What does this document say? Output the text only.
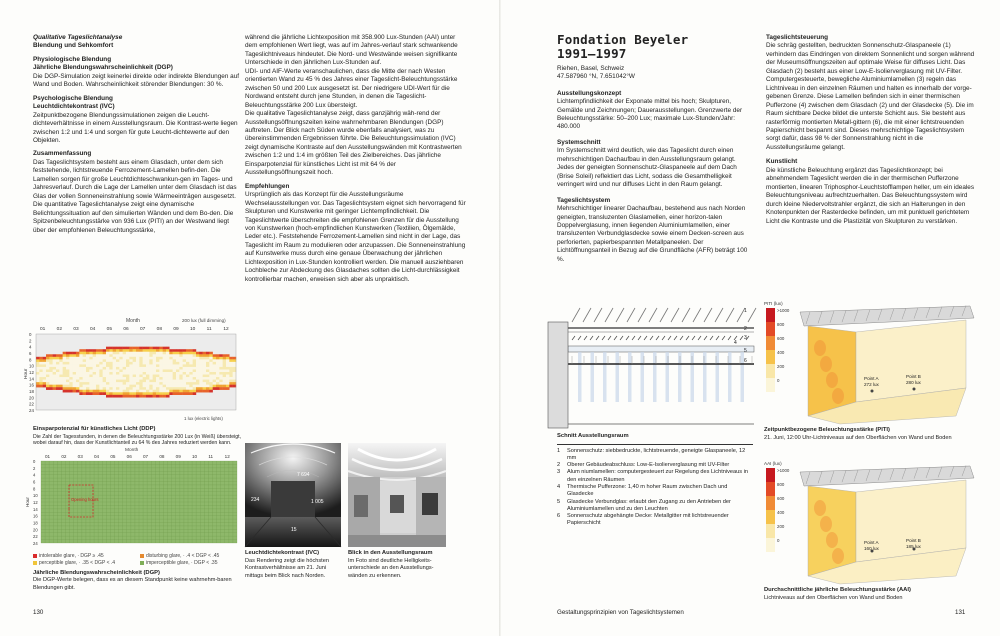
Qualitative Tageslichtanalyse
Blendung und Sehkomfort
Physiologische Blendung
Jährliche Blendungswahrscheinlichkeit (DGP)

Die DGP-Simulation zeigt keinerlei direkte oder indirekte Blendungen auf Wand und Boden. Wahrscheinlichkeit störender Blendungen: 30 %.

Psychologische Blendung
Leuchtdichtekontrast (IVC)

Zeitpunktbezogene Blendungssimulationen zeigen die Leucht-dichteverhältnisse in einem Ausstellungsraum. Die Kontrast-werte liegen zwischen 1:2 und 1:4 und sorgen für gute Leucht-dichtewerte auf den Objekten.

Zusammenfassung

Das Tageslichtsystem besteht aus einem Glasdach, unter dem sich feststehende, lichtstreuende Ferrozement-Lamellen befin-den. Die Lamellen sorgen für große Leuchtdichteschwankun-gen im Tages- und Jahresverlauf. Durch die Lage der Lamellen unter dem Glasdach ist das Glas der vollen Sonneneinstrahlung sowie Wärmeeinträgen ausgesetzt.

Die quantitative Tageslichtanalyse zeigt eine dynamische Belichtungssituation auf den simulierten Wänden und dem Bo-den. Die Spitzenbeleuchtungsstärke von 936 Lux (PITI) an der Westwand liegt über der empfohlenen Beleuchtungsstärke,

Month	200 lux (full dimming)
01 02 03 04 05 06 07 08 09 10 11 12
Hour
0
2
4
6
8
10
12
14
16
18
20
22
24
1 lux (electric lights)
Einsparpotenzial für künstliches Licht (DDP)
Die Zahl der Tagesstunden, in denen die Beleuchtungsstärke 200 Lux (in Weiß) übersteigt, wobei darauf hin, dass der Kunstlichtanteil zu 64 % des Jahres reduziert werden kann.
Month
01 02 03 04 05 06 07 08 09 10 11	12
Hour
0
2
4
6
8
10
12
14
16
18
20
22
24
Opening hours
intolerable glare, · DGP ≥ .45	disturbing glare, · .4 < DGP < .45
perceptible glare, · .35 < DGP < .4	imperceptible glare, · DGP < .35
Jährliche Blendungswahrscheinlichkeit (DGP)
Die DGP-Werte belegen, dass es an diesem Standpunkt keine wahrnehm-baren Blendungen gibt.

während die jährliche Lichtexposition mit 358.900 Lux-Stunden (AAI) unter dem empfohlenen Wert liegt, was auf im Jahres-verlauf stark schwankende Tageslichtniveaus hindeutet. Die Nord- und Westwände weisen signifikante Unterschiede in den jährlichen Lux-Stunden auf.

UDI- und AIF-Werte veranschaulichen, dass die Mitte der nach Westen orientierten Wand zu 45 % des Jahres einer Tageslicht-Beleuchtungsstärke zwischen 50 und 200 Lux ausgesetzt ist. Der niedrigere UDI-Wert für die Nordwand entsteht durch jene Stunden, in denen die Tageslicht-Beleuchtungsstärke 200 Lux übersteigt.

Die qualitative Tageslichtanalyse zeigt, dass ganzjährig wäh-rend der Ausstellungsöffnungszeiten keine wahrnehmbaren Blendungen (DGP) auftreten. Der Blick nach Süden wurde ebenfalls analysiert, was zu übereinstimmenden Ergebnissen führte. Die Beleuchtungssimulation (IVC) zeigt dynamische Kontraste auf den Ausstellungswänden mit Kontrastwerten zwischen 1:2 und 1:4 im größten Teil des Zielbereiches. Das jährliche Einsparpotenzial für künstliches Licht ist mit 64 % der Ausstellungsöffnungszeit hoch.

Empfehlungen

Ursprünglich als das Konzept für die Ausstellungsräume Wechselausstellungen vor. Das Tageslichtsystem eignet sich hervorragend für Skulpturen und Kunstwerke mit geringer Lichtempfindlichkeit. Die Tageslichtwerte überschreiten die empfohlenen Grenzen für die Ausstellung von Kunstwerken (hoch-empfindlichen Kunstwerken (Textilien, Ölgemälde, Leder etc.). Feststehende Ferrozement-Lamellen sind nicht in der Lage, das Tageslicht im Raum zu modulieren oder anzupassen. Die Sonneneinstrahlung auf Kunstwerke muss durch eine genaue Überwachung der jährlichen Lichtexposition in Lux-Stunden kontrolliert werden. Die manuell ausziehbaren Lochbleche zur Abdeckung des Glasdaches sollten die Licht-durchlässigkeit kontrollierbar machen, erweisen sich aber als unpraktisch.

7 694
234	1 005
15
Leuchtdichtekontrast (IVC)
Das Rendering zeigt die höchsten Kontrastverhältnisse am 21. Juni mittags beim Blick nach Norden.
Blick in den Ausstellungsraum
Im Foto sind deutliche Helligkeits-unterschiede an den Ausstellungs-wänden zu erkennen.
130
Fondation Beyeler
1991–1997

Riehen, Basel, Schweiz

47.587960 °N, 7.651042°W

Ausstellungskonzept

Lichtempfindlichkeit der Exponate mittel bis hoch; Skulpturen, Gemälde und Zeichnungen; Dauerausstellungen. Grenzwerte der Beleuchtungsstärke: 50–200 Lux; maximale Lux-Stunden/Jahr: 480.000

Systemschnitt

Im Systemschnitt wird deutlich, wie das Tageslicht durch einen mehrschichtigen Dachaufbau in den Ausstellungsraum gelangt. Jedes der geneigten Sonnenschutz-Glaspaneele auf dem Dach (Brise Soleil) reflektiert das Licht, sodass die Gesamthelligkeit verringert wird und nur diffuses Licht in den Raum gelangt.

Tageslichtsystem

Mehrschichtiger linearer Dachaufbau, bestehend aus nach Norden geneigten, transluzenten Glaslamellen, einer horizon-talen Doppelverglasung, innen liegenden Aluminiumlamellen, einer transluzenten Verbundglasdecke sowie einem Decken-screen aus perforierten, papierbespannten Metallpaneelen. Der Lichtöffnungsanteil in Bezug auf die Grundfläche (AFR) beträgt 100 %.

1
2
3
4
5
6
Schnitt Ausstellungsraum
1	Sonnenschutz: siebbedruckte, lichtstreuende, geneigte Glaspaneele, 12 mm
2	Oberer Gebäudeabschluss: Low-E-Isolierverglasung mit UV-Filter
3	Alum niumlamellen: computergesteuert zur Regelung des Lichtniveaus in den einzelnen Räumen
4	Thermische Pufferzone: 1,40 m hoher Raum zwischen Dach und Glasdecke
5	Glasdecke Verbundglas: erlaubt den Zugang zu den Antrieben der Aluminiumlamellen und zu den Leuchten
6	Sonnenschutz abgehängte Decke: Metallgitter mit lichtstreuender Papierschicht
Tageslichtsteuerung

Die schräg gestellten, bedruckten Sonnenschutz-Glaspaneele (1) verhindern das Eindringen von direktem Sonnenlicht und sorgen während der Museumsöffnungszeiten auf optimale Weise für diffuses Licht. Das Glasdach (2) besteht aus einer Low-E-Isolierverglasung mit UV-Filter. Computergesteuerte, bewegliche Aluminiumlamellen (3) regeln das Lichtniveau in den einzelnen Räumen und halten es innerhalb der vorge-gebenen Grenze. Diese Lamellen befinden sich in einer thermischen Pufferzone (4) zwischen dem Glasdach (2) und der Glasdecke (5). Die im Raum sichtbare Decke bildet die unterste Schicht aus. Sie besteht aus rasterförmig montierten Metall-gittern (6), die mit einer lichtstreuenden Papierschicht bespannt sind. Dieses mehrschichtige Tageslichtsystem sorgt dafür, dass 98 % der Sonnenstrahlung nicht in die Ausstellungsräume gelangt.

Kunstlicht

Die künstliche Beleuchtung ergänzt das Tageslichtkonzept; bei abnehmendem Tageslicht werden die in der thermischen Pufferzone montierten, linearen Triphosphor-Leuchtstofflampen heller, um ein ideales Beleuchtungsniveau aufrechtzuerhalten. Das Beleuchtungssystem wird durch kleine Niedervoltstrahler ergänzt, die sich an Halterungen in den Knotenpunkten der Rasterdecke befinden, um mit punktuell gerichtetem Licht die Kontraste und die Plastizität von Skulpturen zu verstärken.

PITI (lux)
>1000
800
600
400
200
0	Point A
272 lux
Point B
280 lux
Zeitpunktbezogene Beleuchtungsstärke (PITI)
21. Juni, 12:00 Uhr-Lichtniveaus auf den Oberflächen von Wand und Boden
AAI (lux)
>1000
800
600
400
200
0	Point A
160 lux
Point B
185 lux
Durchschnittliche jährliche Beleuchtungsstärke (AAI)
Lichtniveaus auf den Oberflächen von Wand und Boden
Gestaltungsprinzipien von Tageslichtsystemen	131
